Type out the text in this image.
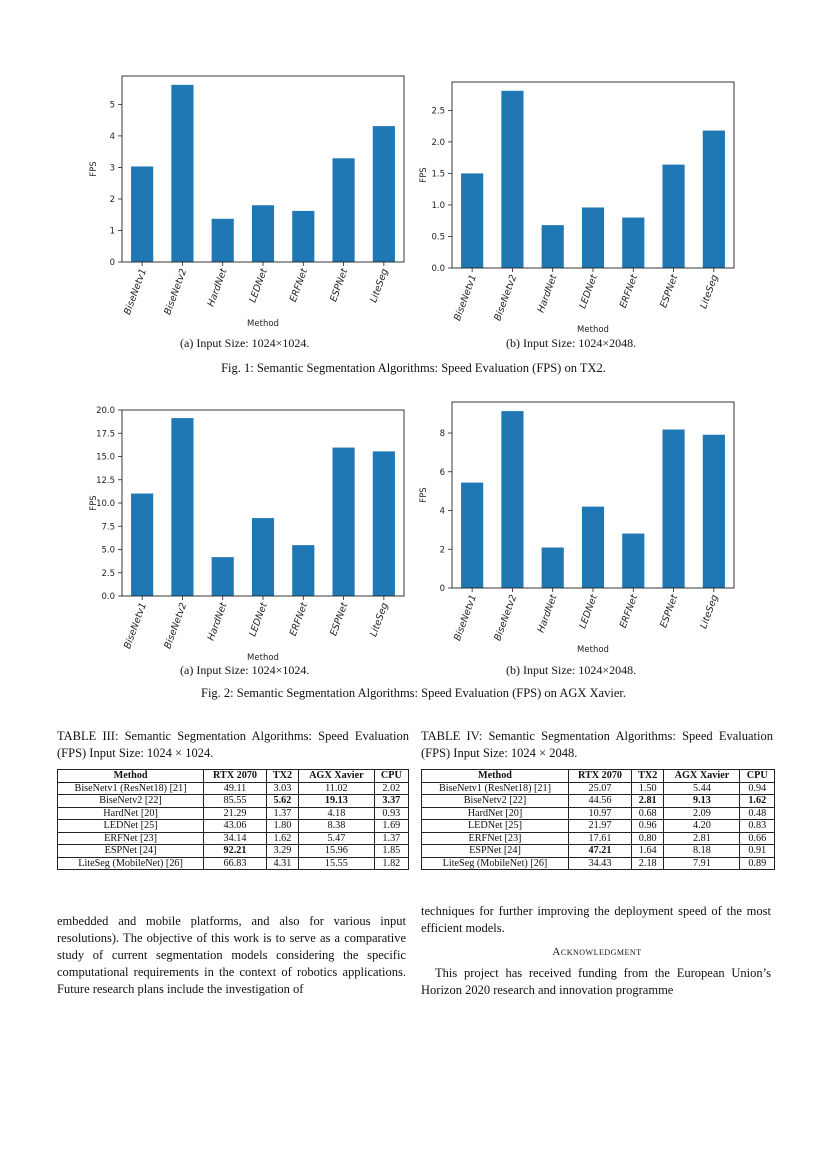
BiseNetv1 BiseNetv2 HardNet LEDNet ERFNet ESPNet LiteSeg
0
1
2
3
4
5
FPS
Method
BiseNetv1 BiseNetv2 HardNet LEDNet ERFNet ESPNet LiteSeg
0.0
0.5
1.0
1.5
2.0
2.5
FPS
Method
(a) Input Size: 1024×1024.	(b) Input Size: 1024×2048.
Fig. 1: Semantic Segmentation Algorithms: Speed Evaluation (FPS) on TX2.
BiseNetv1 BiseNetv2 HardNet LEDNet ERFNet ESPNet LiteSeg
0.0
2.5
5.0
7.5
10.0
12.5
15.0
17.5
20.0
FPS
Method
BiseNetv1 BiseNetv2 HardNet LEDNet ERFNet ESPNet LiteSeg
0
2
4
6
8
FPS
Method
(a) Input Size: 1024×1024.	(b) Input Size: 1024×2048.
Fig. 2: Semantic Segmentation Algorithms: Speed Evaluation (FPS) on AGX Xavier.
TABLE III: Semantic Segmentation Algorithms: Speed Evaluation (FPS) Input Size: 1024 × 1024.
Method	RTX 2070	TX2	AGX Xavier	CPU
BiseNetv1 (ResNet18) [21]	49.11	3.03	11.02	2.02
BiseNetv2 [22]	85.55	5.62	19.13	3.37
HardNet [20]	21.29	1.37	4.18	0.93
LEDNet [25]	43.06	1.80	8.38	1.69
ERFNet [23]	34.14	1.62	5.47	1.37
ESPNet [24]	92.21	3.29	15.96	1.85
LiteSeg (MobileNet) [26]	66.83	4.31	15.55	1.82
TABLE IV: Semantic Segmentation Algorithms: Speed Evaluation (FPS) Input Size: 1024 × 2048.
Method	RTX 2070	TX2	AGX Xavier	CPU
BiseNetv1 (ResNet18) [21]	25.07	1.50	5.44	0.94
BiseNetv2 [22]	44.56	2.81	9.13	1.62
HardNet [20]	10.97	0.68	2.09	0.48
LEDNet [25]	21.97	0.96	4.20	0.83
ERFNet [23]	17.61	0.80	2.81	0.66
ESPNet [24]	47.21	1.64	8.18	0.91
LiteSeg (MobileNet) [26]	34.43	2.18	7.91	0.89
embedded and mobile platforms, and also for various input resolutions). The objective of this work is to serve as a comparative study of current segmentation models considering the specific computational requirements in the context of robotics applications. Future research plans include the investigation of
techniques for further improving the deployment speed of the most efficient models.
Acknowledgment
This project has received funding from the European Union’s Horizon 2020 research and innovation programme
